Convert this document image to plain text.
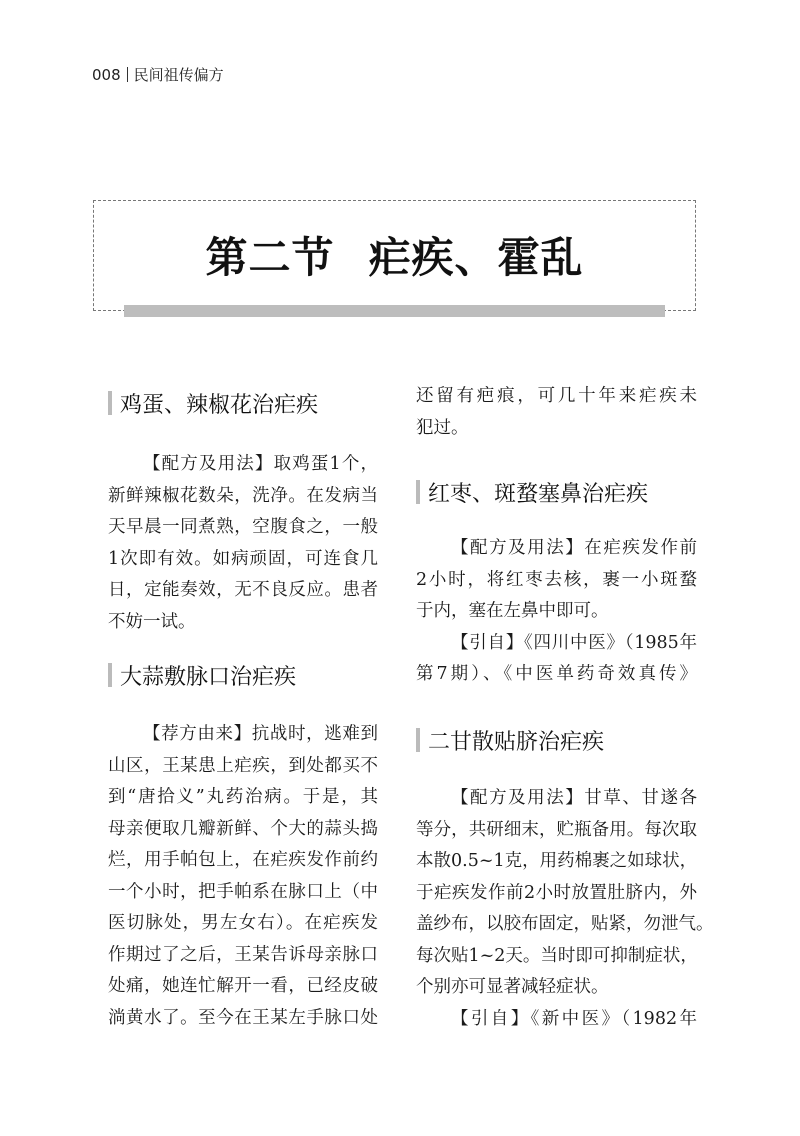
008 民间祖传偏方
第二节 疟疾、霍乱
鸡蛋、辣椒花治疟疾
【配方及用法】取鸡蛋1个，
新鲜辣椒花数朵，洗净。在发病当
天早晨一同煮熟，空腹食之，一般
1次即有效。如病顽固，可连食几
日，定能奏效，无不良反应。患者
不妨一试。
大蒜敷脉口治疟疾
【荐方由来】抗战时，逃难到
山区，王某患上疟疾，到处都买不
到“唐拾义”丸药治病。于是，其
母亲便取几瓣新鲜、个大的蒜头捣
烂，用手帕包上，在疟疾发作前约
一个小时，把手帕系在脉口上（中
医切脉处，男左女右）。在疟疾发
作期过了之后，王某告诉母亲脉口
处痛，她连忙解开一看，已经皮破
淌黄水了。至今在王某左手脉口处
还留有疤痕，可几十年来疟疾未
犯过。
红枣、斑蝥塞鼻治疟疾
【配方及用法】在疟疾发作前
2小时，将红枣去核，裹一小斑蝥
于内，塞在左鼻中即可。
【引自】《四川中医》（1985年
第7期）、《中医单药奇效真传》
二甘散贴脐治疟疾
【配方及用法】甘草、甘遂各
等分，共研细末，贮瓶备用。每次取
本散0.5~1克，用药棉裹之如球状，
于疟疾发作前2小时放置肚脐内，外
盖纱布，以胶布固定，贴紧，勿泄气。
每次贴1~2天。当时即可抑制症状，
个别亦可显著减轻症状。
【引自】《新中医》（1982年
